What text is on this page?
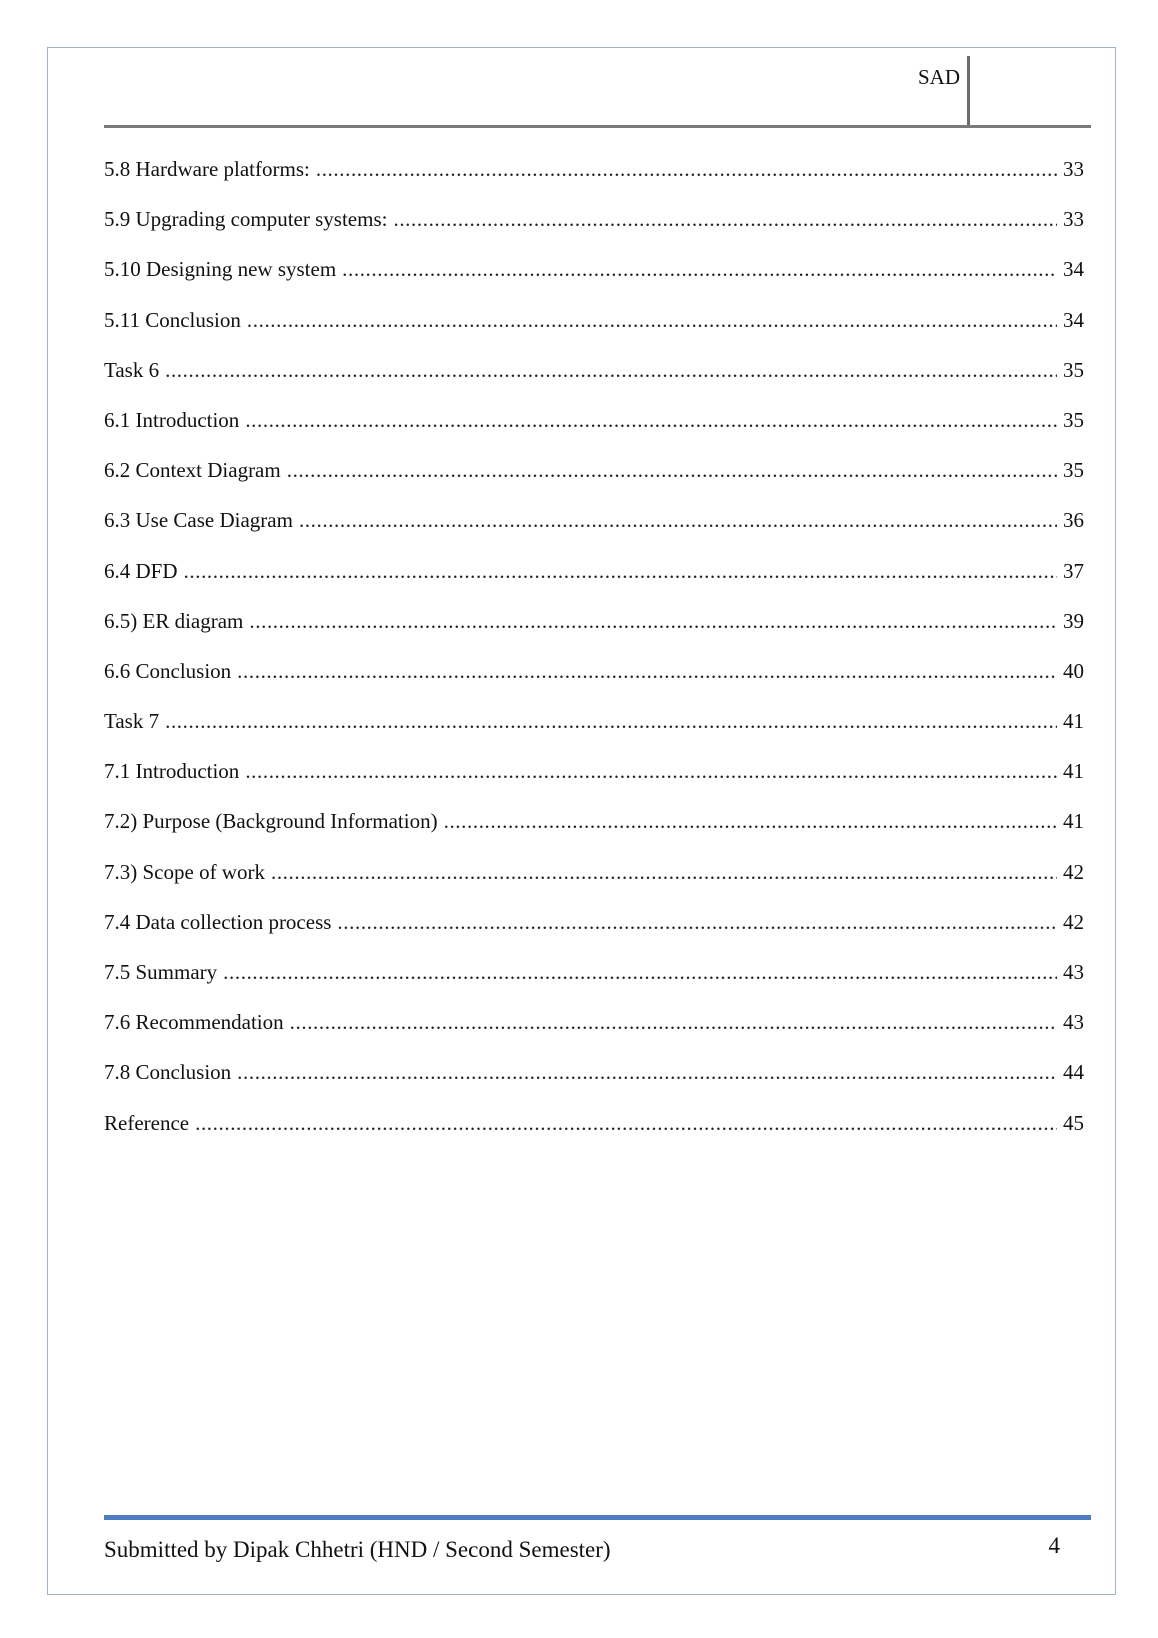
SAD
5.8 Hardware platforms: .....	33
5.9 Upgrading computer systems: .....	33
5.10 Designing new system .....	34
5.11 Conclusion .....	34
Task 6 .....	35
6.1 Introduction .....	35
6.2 Context Diagram .....	35
6.3 Use Case Diagram .....	36
6.4 DFD .....	37
6.5) ER diagram .....	39
6.6 Conclusion .....	40
Task 7 .....	41
7.1 Introduction .....	41
7.2) Purpose (Background Information) .....	41
7.3) Scope of work .....	42
7.4 Data collection process .....	42
7.5 Summary .....	43
7.6 Recommendation .....	43
7.8 Conclusion .....	44
Reference .....	45
Submitted by Dipak Chhetri (HND / Second Semester)	4
